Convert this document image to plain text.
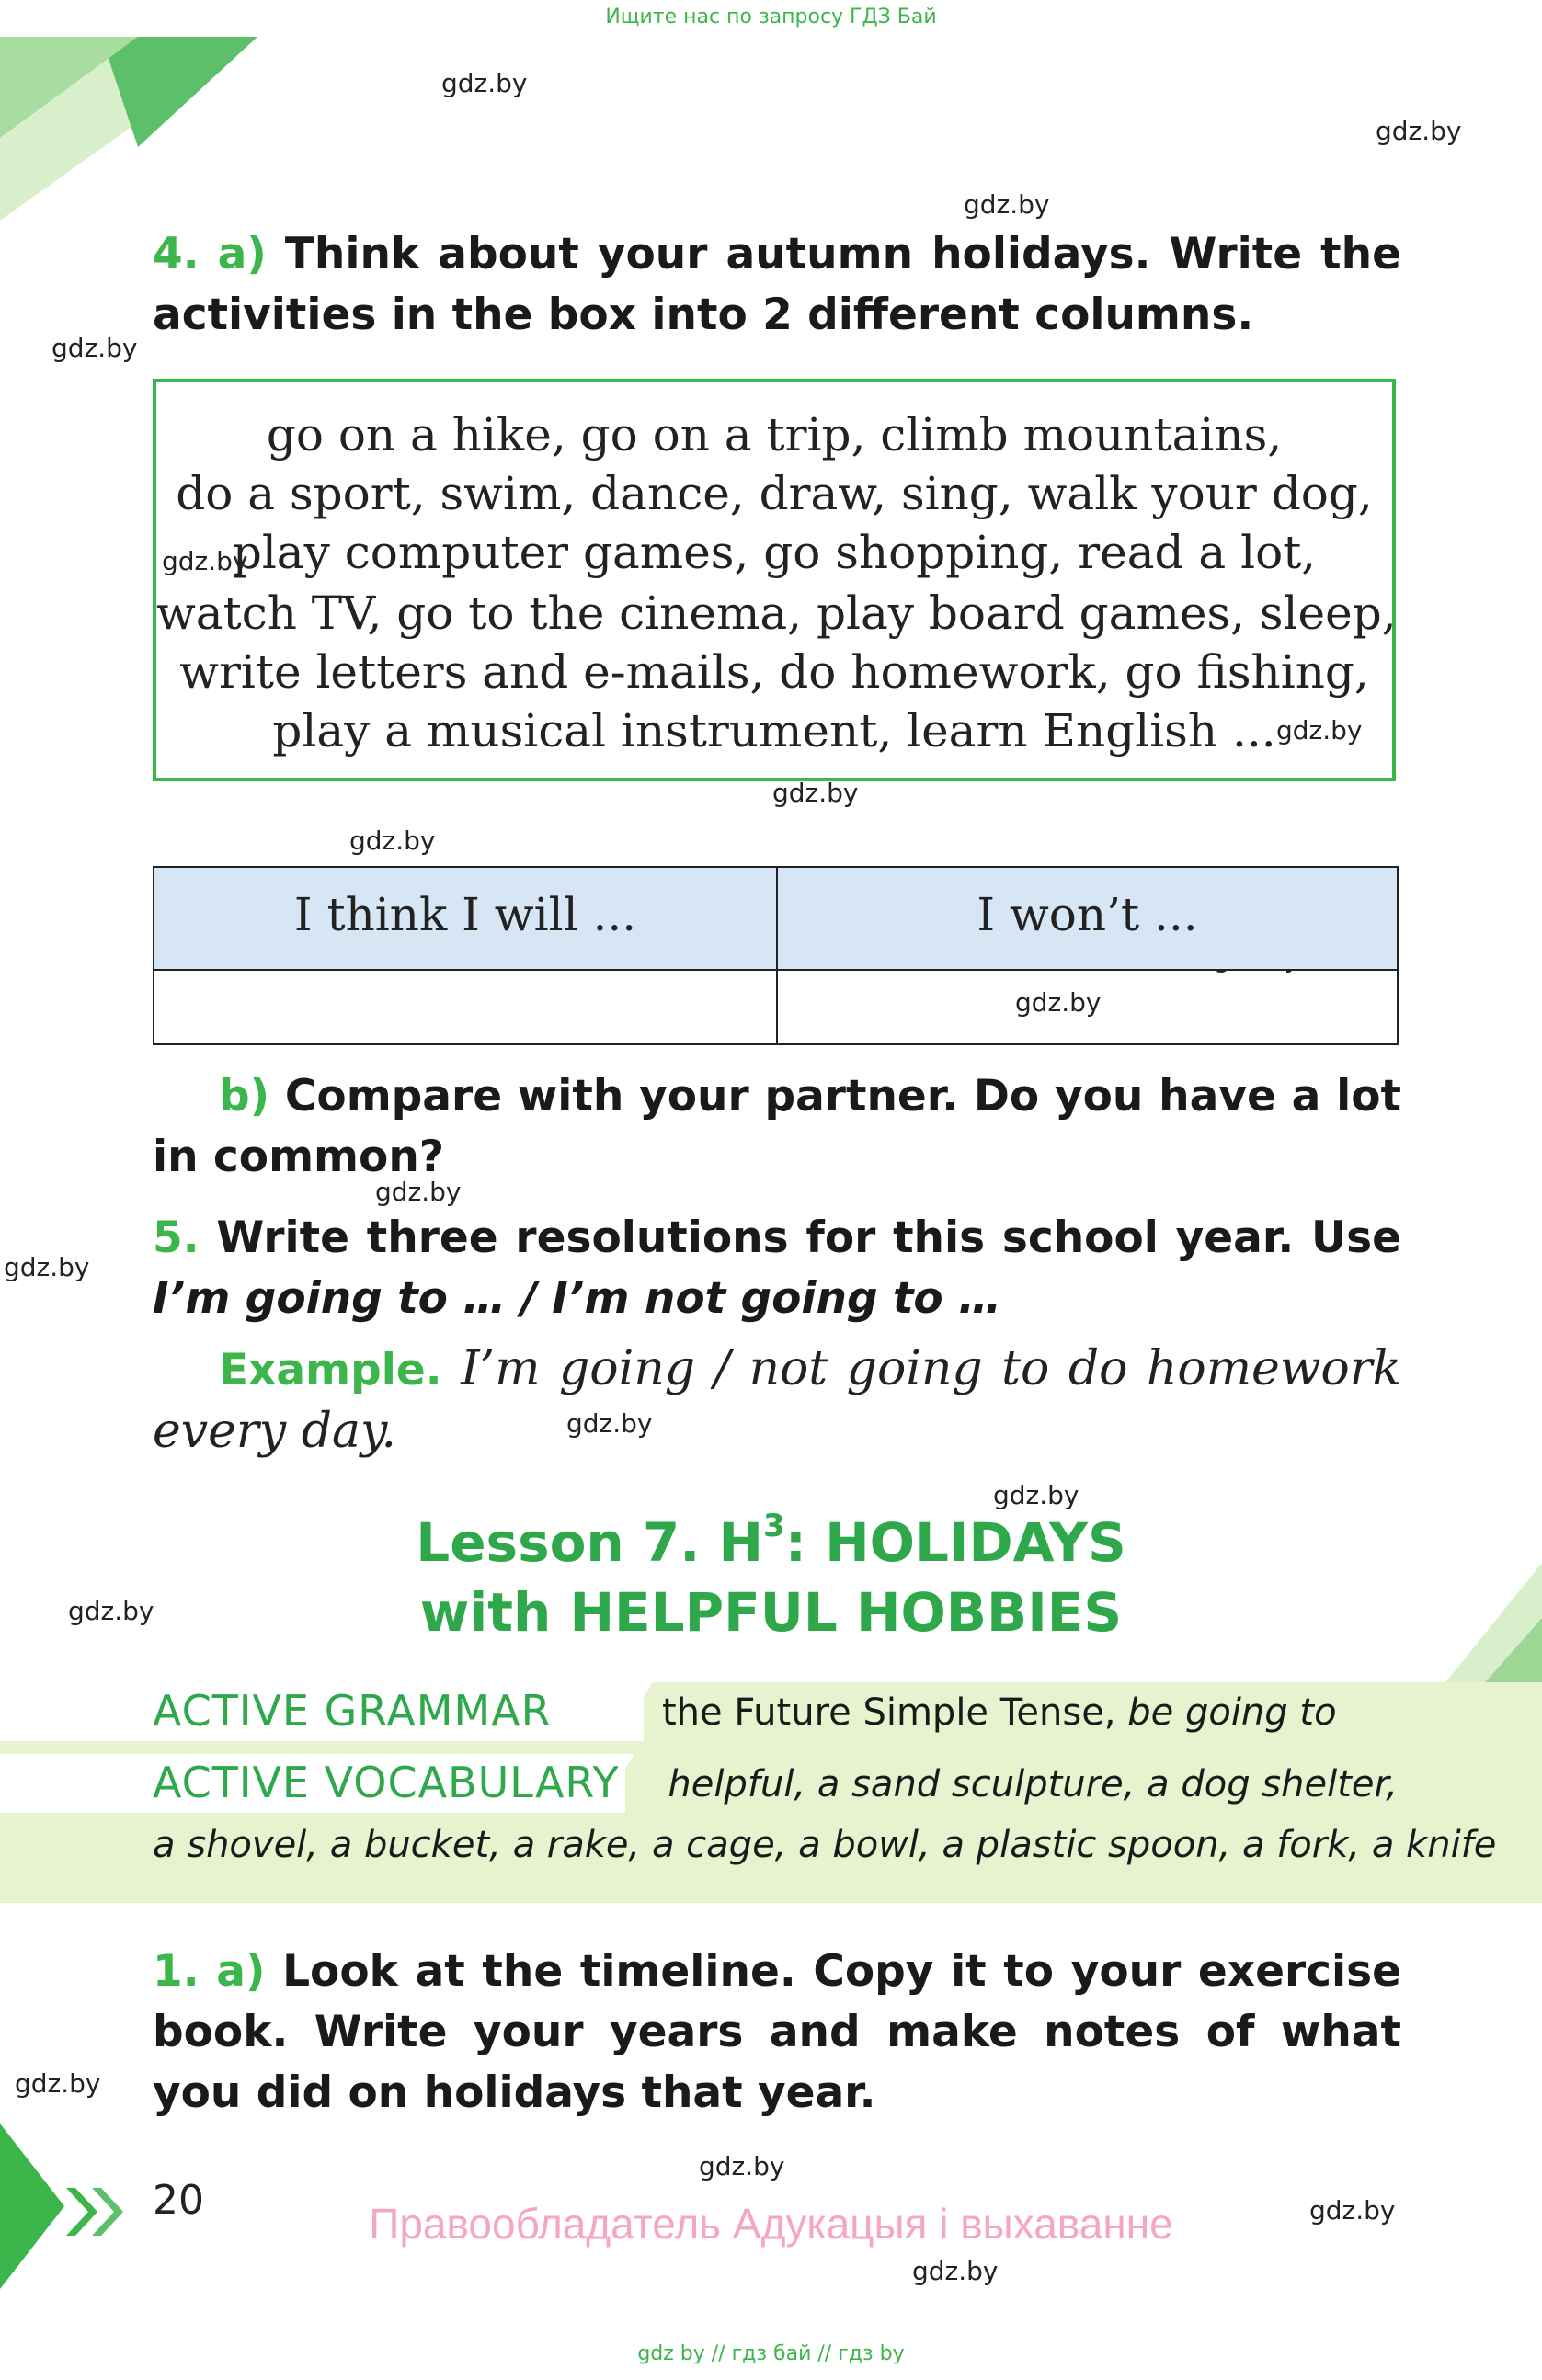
Ищите нас по запросу ГДЗ Бай
gdz.by
gdz.by
gdz.by
gdz.by
gdz.by
gdz.by
gdz.by
gdz.by
gdz.by
gdz.by
gdz.by
gdz.by
gdz.by
gdz.by
gdz.by
gdz.by
gdz.by
gdz.by
4. a) Think about your autumn holidays. Write the activities in the box into 2 different columns.
go on a hike, go on a trip, climb mountains,
do a sport, swim, dance, draw, sing, walk your dog,
play computer games, go shopping, read a lot,
watch TV, go to the cinema, play board games, sleep,
write letters and e-mails, do homework, go fishing,
play a musical instrument, learn English ...
I think I will ...	I won’t ...
b) Compare with your partner. Do you have a lot in common?
5. Write three resolutions for this school year. Use I’m going to … / I’m not going to …
Example. I’m going / not going to do homework every day.
Lesson 7. $H^3$: HOLIDAYS
with HELPFUL HOBBIES
ACTIVE GRAMMAR
ACTIVE VOCABULARY
the Future Simple Tense, be going to
helpful, a sand sculpture, a dog shelter,
a shovel, a bucket, a rake, a cage, a bowl, a plastic spoon, a fork, a knife
1. a) Look at the timeline. Copy it to your exercise book. Write your years and make notes of what you did on holidays that year.
20	Правообладатель Адукацыя і выхаванне
gdz by // гдз бай // гдз by
